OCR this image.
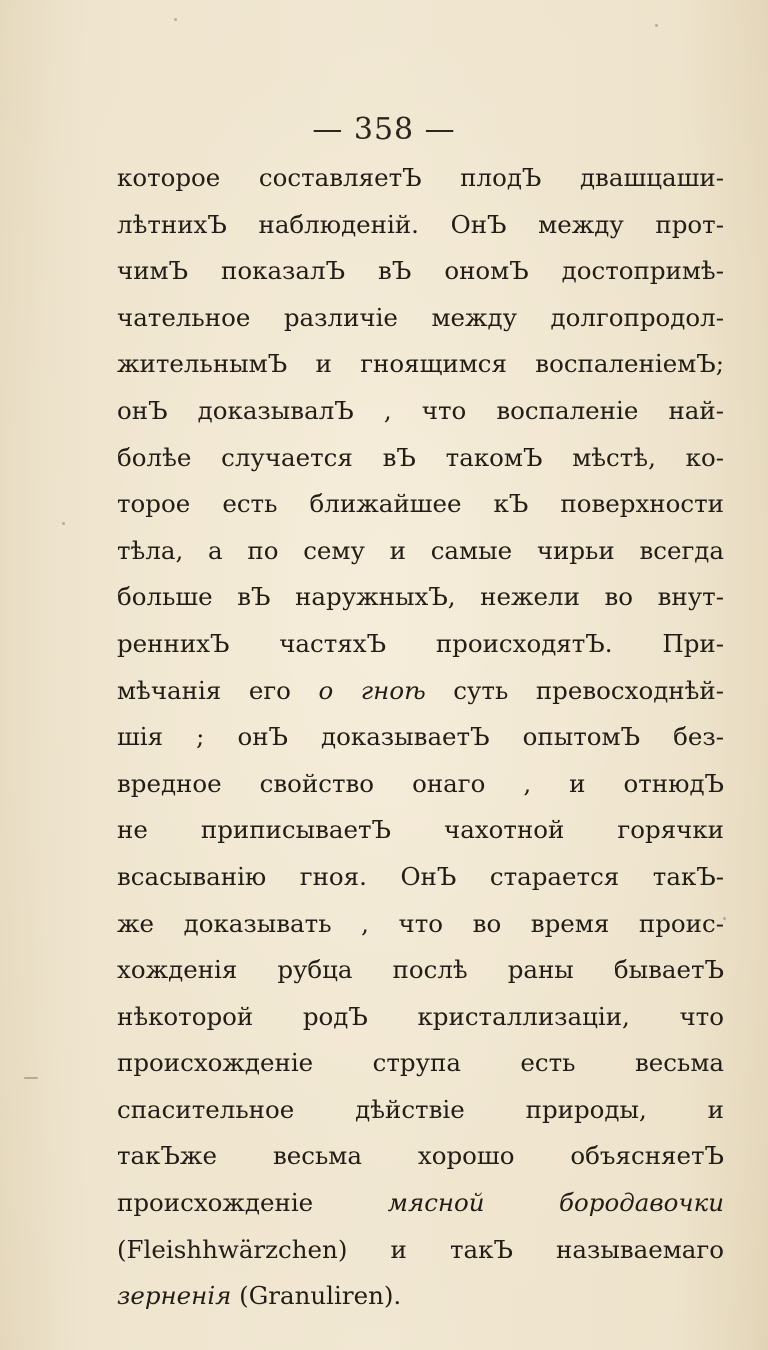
— 358 —
которое составляетЪ плодЪ двашцаши-
лѣтнихЪ наблюденій. ОнЪ между прот-
чимЪ показалЪ вЪ ономЪ достопримѣ-
чательное различіе между долгопродол-
жительнымЪ и гноящимся воспаленіемЪ;
онЪ доказывалЪ , что воспаленіе най-
болѣе случается вЪ такомЪ мѣстѣ, ко-
торое есть ближайшее кЪ поверхности
тѣла, а по сему и самые чирьи всегда
больше вЪ наружныхЪ, нежели во внут-
реннихЪ частяхЪ происходятЪ. При-
мѣчанія его о гноѣ суть превосходнѣй-
шія ; онЪ доказываетЪ опытомЪ без-
вредное свойство онаго , и отнюдЪ
не приписываетЪ чахотной горячки
всасыванію гноя. ОнЪ старается такЪ-
же доказывать , что во время проис-
хожденія рубца послѣ раны бываетЪ
нѣкоторой родЪ кристаллизаціи, что
происхожденіе струпа есть весьма
спасительное дѣйствіе природы, и
такЪже весьма хорошо объясняетЪ
происхожденіе мясной бородавочки
(Fleishhwärzchen) и такЪ называемаго
зерненія (Granuliren).
